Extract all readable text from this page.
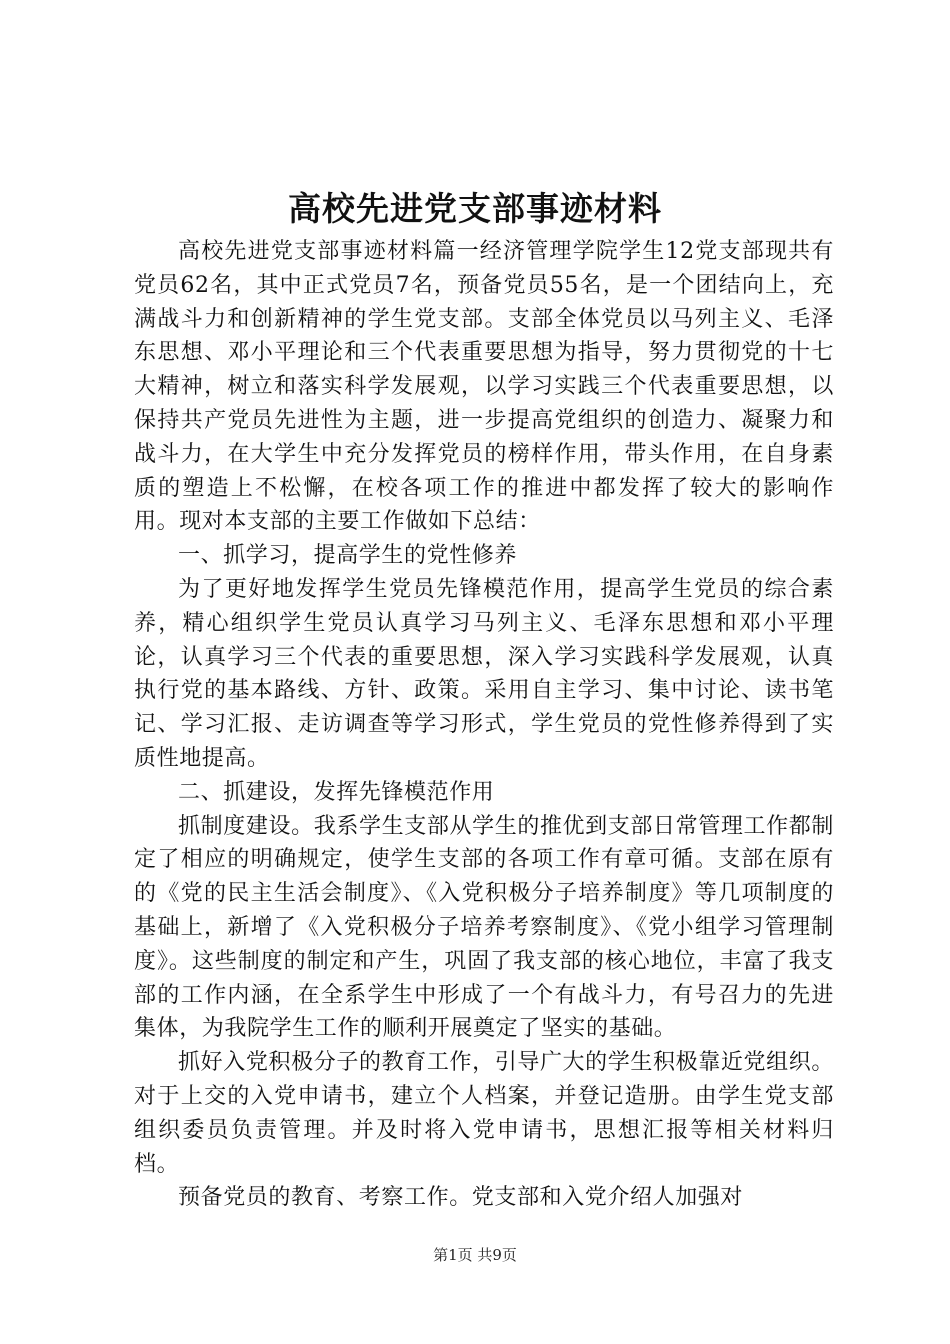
高校先进党支部事迹材料

高校先进党支部事迹材料篇一经济管理学院学生12党支部现共有党员62名，其中正式党员7名，预备党员55名，是一个团结向上，充满战斗力和创新精神的学生党支部。支部全体党员以马列主义、毛泽东思想、邓小平理论和三个代表重要思想为指导，努力贯彻党的十七大精神，树立和落实科学发展观，以学习实践三个代表重要思想，以保持共产党员先进性为主题，进一步提高党组织的创造力、凝聚力和战斗力，在大学生中充分发挥党员的榜样作用，带头作用，在自身素质的塑造上不松懈，在校各项工作的推进中都发挥了较大的影响作用。现对本支部的主要工作做如下总结：

一、抓学习，提高学生的党性修养

为了更好地发挥学生党员先锋模范作用，提高学生党员的综合素养，精心组织学生党员认真学习马列主义、毛泽东思想和邓小平理论，认真学习三个代表的重要思想，深入学习实践科学发展观，认真执行党的基本路线、方针、政策。采用自主学习、集中讨论、读书笔记、学习汇报、走访调查等学习形式，学生党员的党性修养得到了实质性地提高。

二、抓建设，发挥先锋模范作用

抓制度建设。我系学生支部从学生的推优到支部日常管理工作都制定了相应的明确规定，使学生支部的各项工作有章可循。支部在原有的《党的民主生活会制度》、《入党积极分子培养制度》等几项制度的基础上，新增了《入党积极分子培养考察制度》、《党小组学习管理制度》。这些制度的制定和产生，巩固了我支部的核心地位，丰富了我支部的工作内涵，在全系学生中形成了一个有战斗力，有号召力的先进集体，为我院学生工作的顺利开展奠定了坚实的基础。

抓好入党积极分子的教育工作，引导广大的学生积极靠近党组织。对于上交的入党申请书，建立个人档案，并登记造册。由学生党支部组织委员负责管理。并及时将入党申请书，思想汇报等相关材料归档。

预备党员的教育、考察工作。党支部和入党介绍人加强对

第1页 共9页
